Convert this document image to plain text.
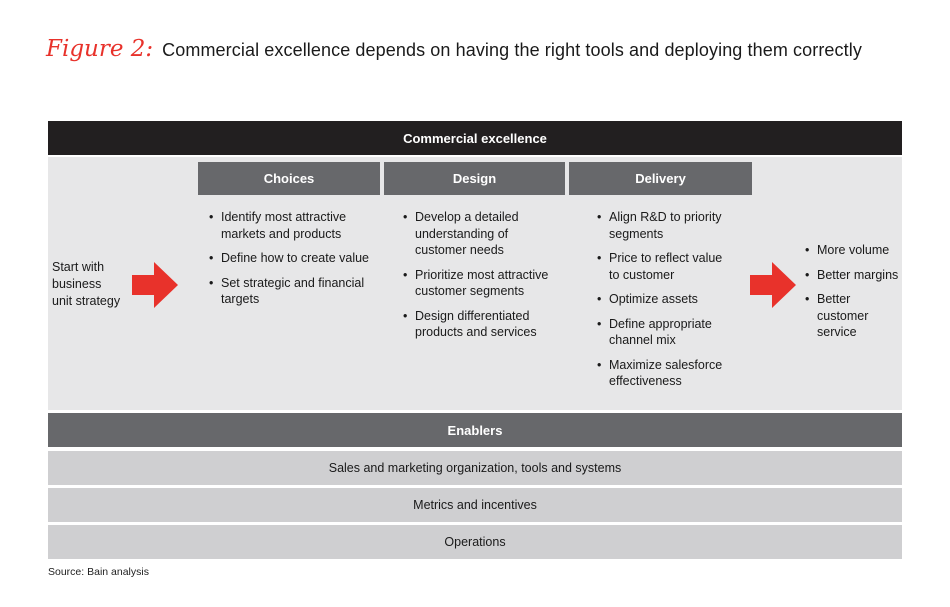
Figure 2: Commercial excellence depends on having the right tools and deploying them correctly
Commercial excellence
Choices	Design	Delivery
Start with
business
unit strategy
• Identify most attractive markets and products
• Define how to create value
• Set strategic and financial targets
• Develop a detailed understanding of customer needs
• Prioritize most attractive customer segments
• Design differentiated products and services
• Align R&D to priority segments
• Price to reflect value to customer
• Optimize assets
• Define appropriate channel mix
• Maximize salesforce effectiveness
• More volume
• Better margins
• Better customer service
Enablers
Sales and marketing organization, tools and systems
Metrics and incentives
Operations
Source: Bain analysis
